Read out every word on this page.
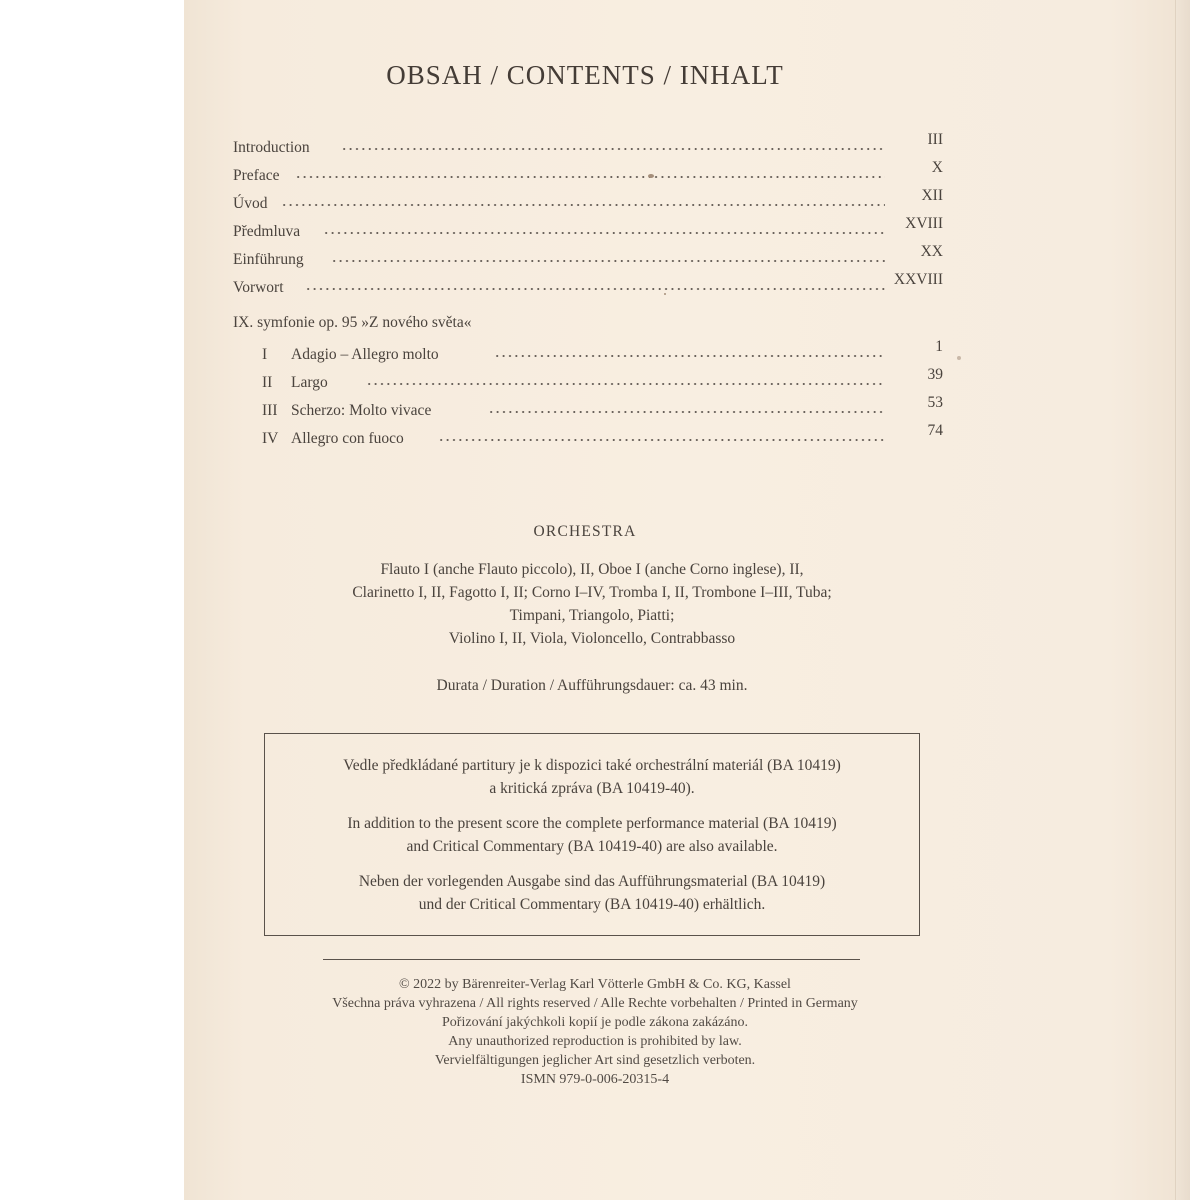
OBSAH / CONTENTS / INHALT
Introduction	III
Preface	X
Úvod	XII
Předmluva	XVIII
Einführung	XX
Vorwort	XXVIII
IX. symfonie op. 95 »Z nového světa«
I Adagio – Allegro molto	1
II Largo	39
III Scherzo: Molto vivace	53
IV Allegro con fuoco	74
ORCHESTRA
Flauto I (anche Flauto piccolo), II, Oboe I (anche Corno inglese), II,
Clarinetto I, II, Fagotto I, II; Corno I–IV, Tromba I, II, Trombone I–III, Tuba;
Timpani, Triangolo, Piatti;
Violino I, II, Viola, Violoncello, Contrabbasso
Durata / Duration / Aufführungsdauer: ca. 43 min.
Vedle předkládané partitury je k dispozici také orchestrální materiál (BA 10419)
a kritická zpráva (BA 10419-40).
In addition to the present score the complete performance material (BA 10419)
and Critical Commentary (BA 10419-40) are also available.
Neben der vorlegenden Ausgabe sind das Aufführungsmaterial (BA 10419)
und der Critical Commentary (BA 10419-40) erhältlich.
© 2022 by Bärenreiter-Verlag Karl Vötterle GmbH & Co. KG, Kassel
Všechna práva vyhrazena / All rights reserved / Alle Rechte vorbehalten / Printed in Germany
Pořizování jakýchkoli kopií je podle zákona zakázáno.
Any unauthorized reproduction is prohibited by law.
Vervielfältigungen jeglicher Art sind gesetzlich verboten.
ISMN 979-0-006-20315-4
